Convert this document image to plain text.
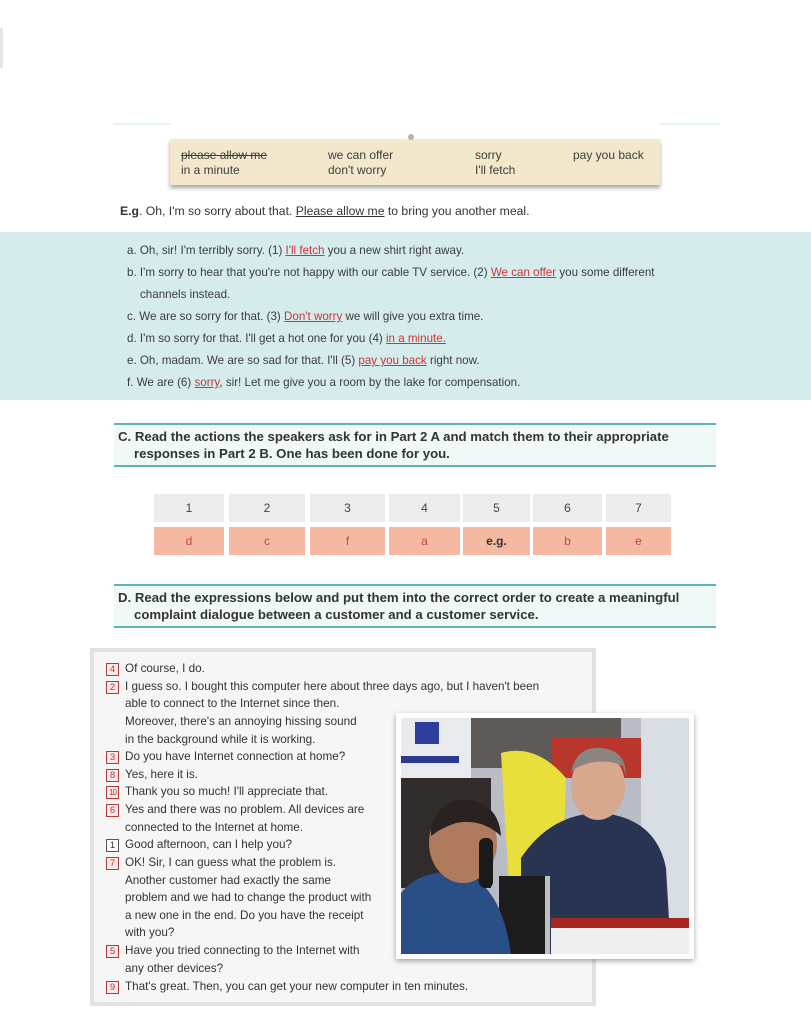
please allow me	we can offer	sorry	pay you back
in a minute	don't worry	I'll fetch
E.g. Oh, I'm so sorry about that. Please allow me to bring you another meal.
a. Oh, sir! I'm terribly sorry. (1) I'll fetch you a new shirt right away.
b. I'm sorry to hear that you're not happy with our cable TV service. (2) We can offer you some different
channels instead.
c. We are so sorry for that. (3) Don't worry we will give you extra time.
d. I'm so sorry for that. I'll get a hot one for you (4) in a minute.
e. Oh, madam. We are so sad for that. I'll (5) pay you back right now.
f. We are (6) sorry, sir! Let me give you a room by the lake for compensation.
C. Read the actions the speakers ask for in Part 2 A and match them to their appropriate
responses in Part 2 B. One has been done for you.
1	2	3	4	5	6	7
d	c	f	a	e.g.	b	e
D. Read the expressions below and put them into the correct order to create a meaningful
complaint dialogue between a customer and a customer service.
4 Of course, I do.
2 I guess so. I bought this computer here about three days ago, but I haven't been
able to connect to the Internet since then.
Moreover, there's an annoying hissing sound
in the background while it is working.
3 Do you have Internet connection at home?
8 Yes, here it is.
10 Thank you so much! I'll appreciate that.
6 Yes and there was no problem. All devices are
connected to the Internet at home.
1 Good afternoon, can I help you?
7 OK! Sir, I can guess what the problem is.
Another customer had exactly the same
problem and we had to change the product with
a new one in the end. Do you have the receipt
with you?
5 Have you tried connecting to the Internet with
any other devices?
9 That's great. Then, you can get your new computer in ten minutes.
